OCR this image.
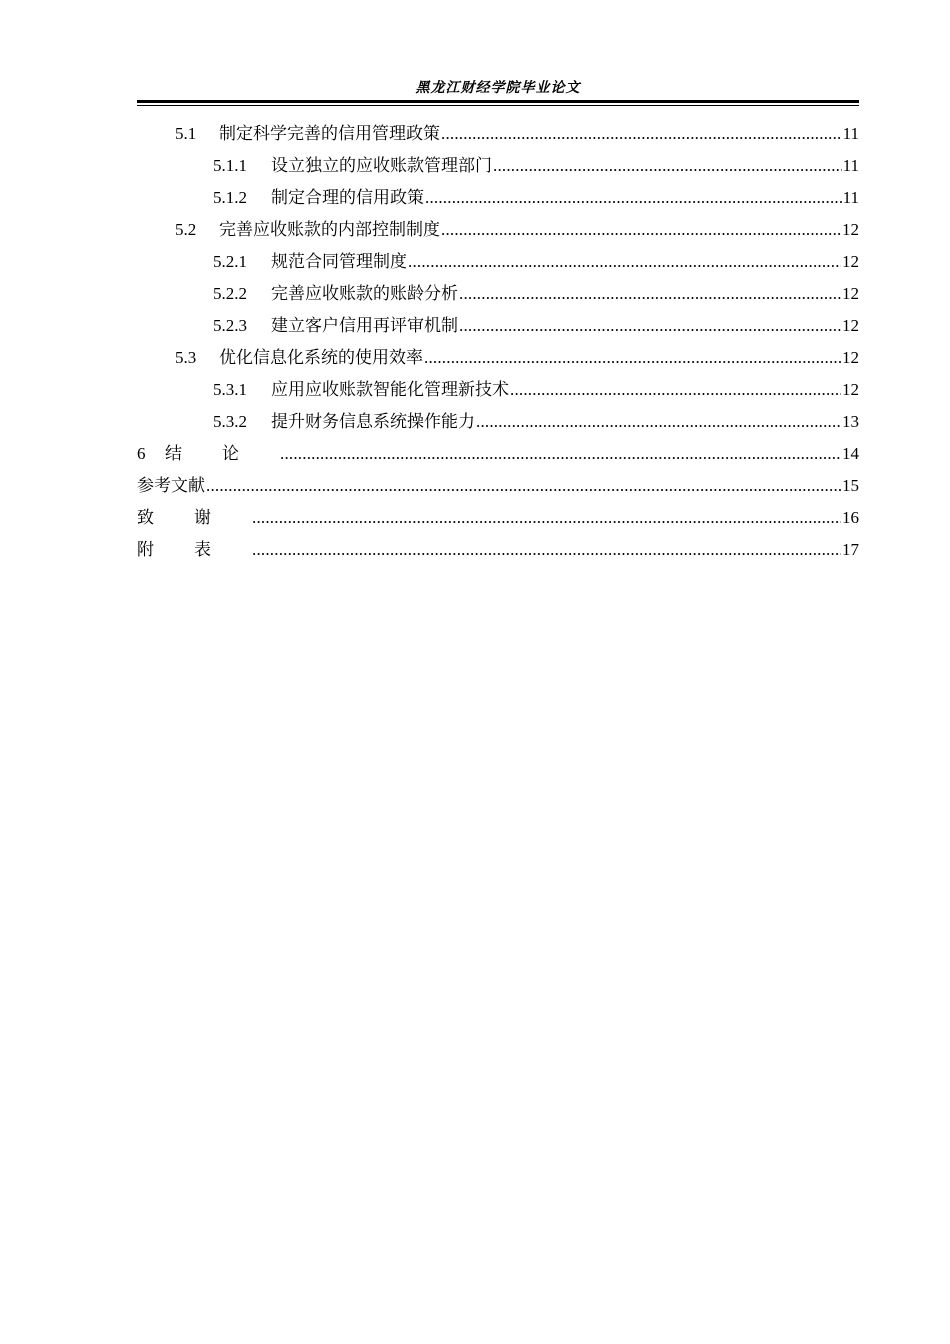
黑龙江财经学院毕业论文
5.1	制定科学完善的信用管理政策 .....	11
5.1.1	设立独立的应收账款管理部门 .....	11
5.1.2	制定合理的信用政策 .....	11
5.2	完善应收账款的内部控制制度 .....	12
5.2.1	规范合同管理制度 .....	12
5.2.2	完善应收账款的账龄分析 .....	12
5.2.3	建立客户信用再评审机制 .....	12
5.3	优化信息化系统的使用效率 .....	12
5.3.1	应用应收账款智能化管理新技术 .....	12
5.3.2	提升财务信息系统操作能力 .....	13
6	结论 .....	14
参考文献 .....	15
致谢 .....	16
附表 .....	17
